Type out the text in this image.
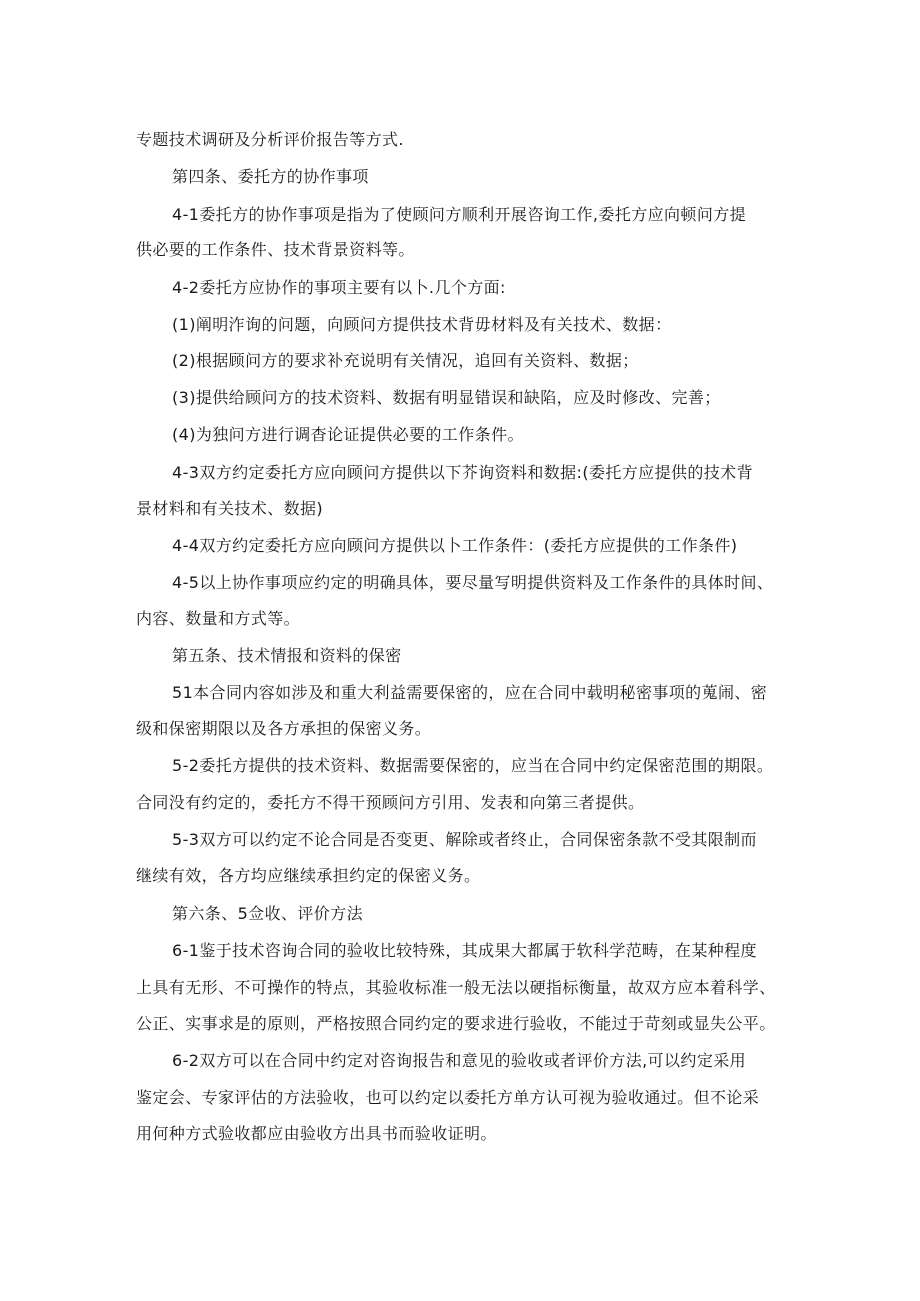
专题技术调研及分析评价报告等方式.
第四条、委托方的协作事项
4-1委托方的协作事项是指为了使顾问方顺利开展咨询工作,委托方应向顿问方提
供必要的工作条件、技术背景资料等。
4-2委托方应协作的事项主要有以卜.几个方面:
(1)阐明泎询的问题，向顾问方提供技术背毋材料及有关技术、数据：
(2)根据顾问方的要求补充说明有关情况，追回有关资料、数据；
(3)提供给顾问方的技术资料、数据有明显错误和缺陷，应及时修改、完善；
(4)为独问方进行调杳论证提供必要的工作条件。
4-3双方约定委托方应向顾问方提供以下芥询资料和数据:(委托方应提供的技术背
景材料和有关技术、数据)
4-4双方约定委托方应向顾问方提供以卜工作条件：(委托方应提供的工作条件)
4-5以上协作事项应约定的明确具体，要尽量写明提供资料及工作条件的具体时间、
内容、数量和方式等。
第五条、技术情报和资料的保密
51本合同内容如涉及和重大利益需要保密的，应在合同中载明秘密事项的蒐闹、密
级和保密期限以及各方承担的保密义务。
5-2委托方提供的技术资料、数据需要保密的，应当在合同中约定保密范围的期限。
合同没有约定的，委托方不得干预顾问方引用、发表和向第三者提供。
5-3双方可以约定不论合同是否变更、解除或者终止，合同保密条款不受其限制而
继续有效，各方均应继续承担约定的保密义务。
第六条、5佥收、评价方法
6-1鉴于技术咨询合同的验收比较特殊，其成果大都属于软科学范畴，在某种程度
上具有无形、不可操作的特点，其验收标准一般无法以硬指标衡量，故双方应本着科学、
公正、实事求是的原则，严格按照合同约定的要求进行验收，不能过于苛刻或显失公平。
6-2双方可以在合同中约定对咨询报告和意见的验收或者评价方法,可以约定采用
鉴定会、专家评估的方法验收，也可以约定以委托方单方认可视为验收通过。但不论采
用何种方式验收都应由验收方出具书而验收证明。
